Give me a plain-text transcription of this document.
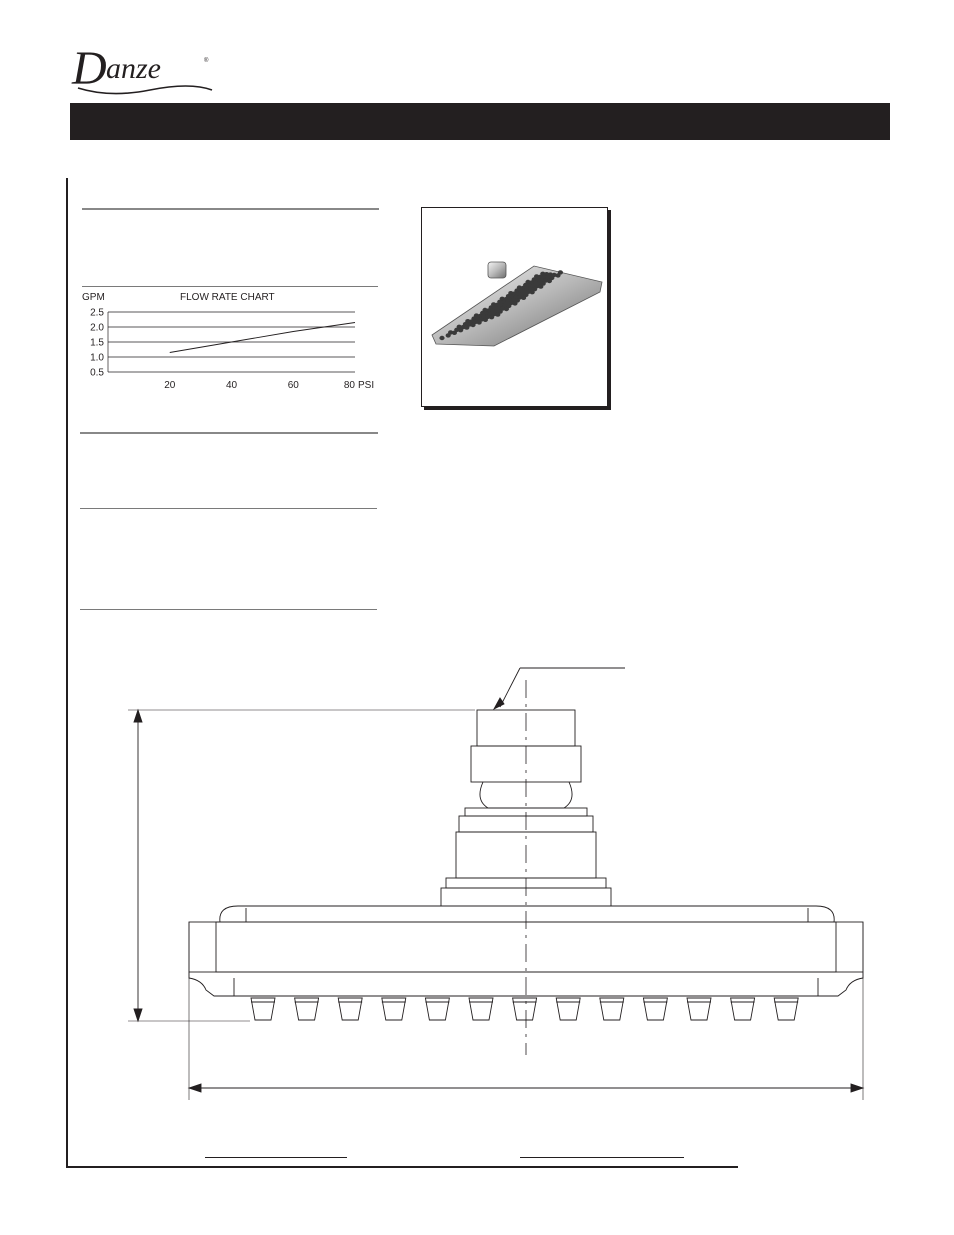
D anze	®
GPM	FLOW RATE CHART
2.5
2.0
1.5
1.0
0.5
20	40	60	80 PSI
